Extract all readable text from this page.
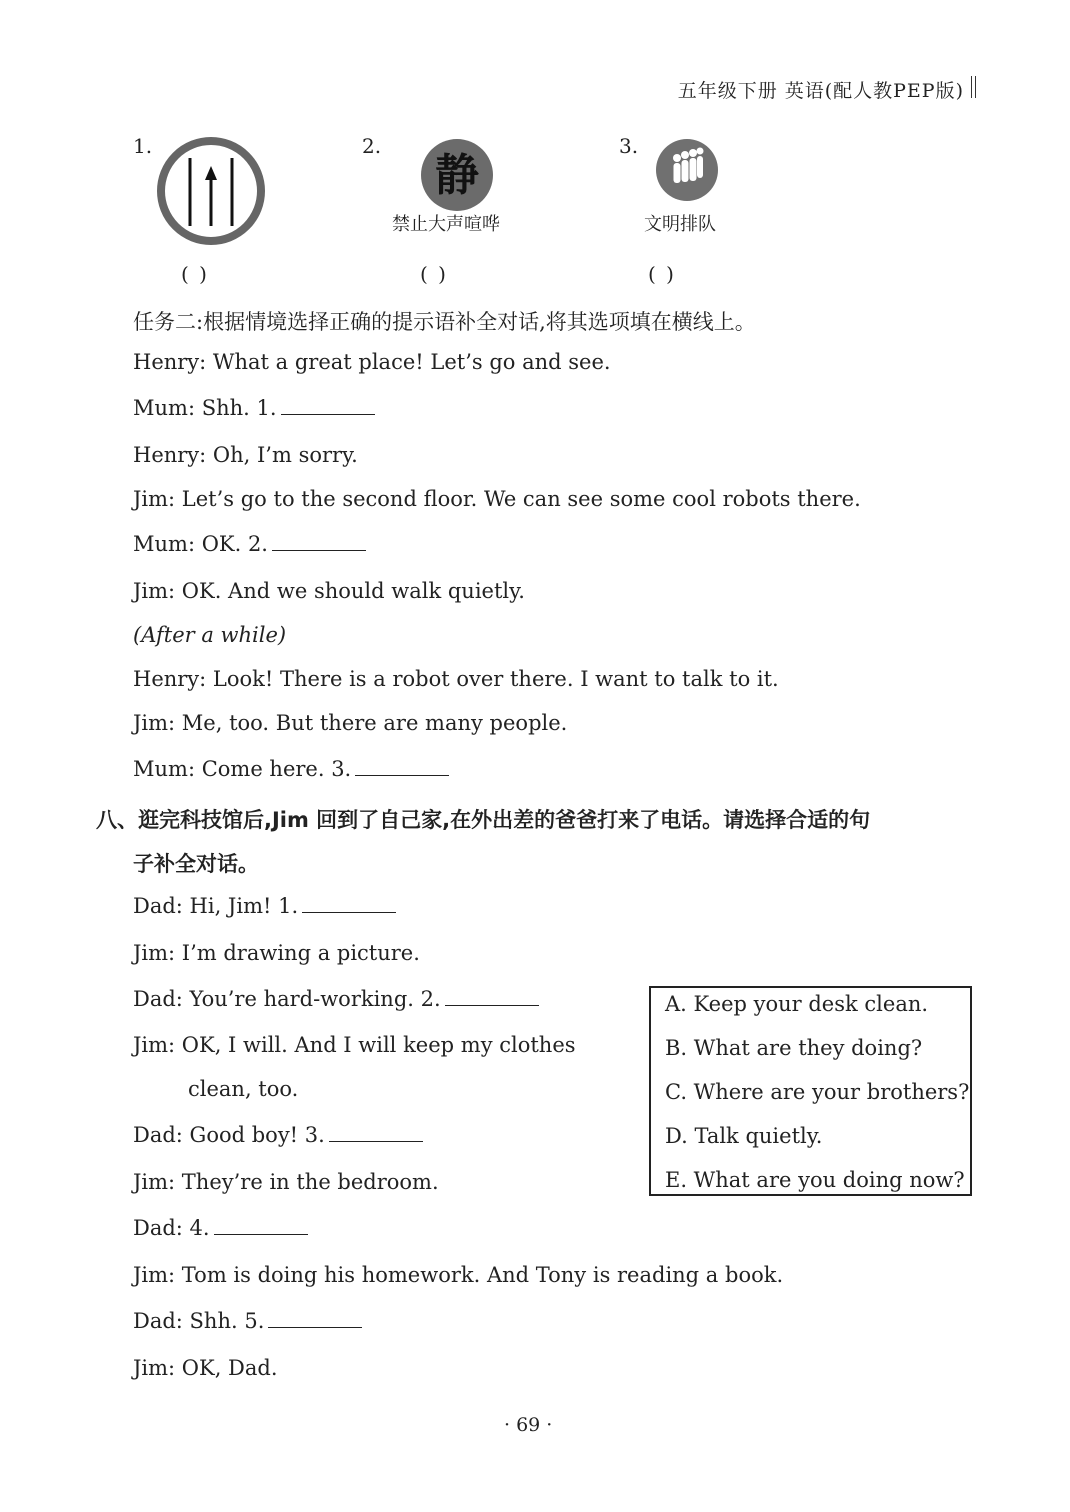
五年级下册 英语(配人教PEP版)
1.
( )
2.
静
禁止大声喧哗
( )
3.
文明排队
( )
任务二:根据情境选择正确的提示语补全对话,将其选项填在横线上。
Henry: What a great place! Let’s go and see.
Mum: Shh. 1.
Henry: Oh, I’m sorry.
Jim: Let’s go to the second floor. We can see some cool robots there.
Mum: OK. 2.
Jim: OK. And we should walk quietly.
(After a while)
Henry: Look! There is a robot over there. I want to talk to it.
Jim: Me, too. But there are many people.
Mum: Come here. 3.
八、逛完科技馆后,Jim 回到了自己家,在外出差的爸爸打来了电话。请选择合适的句
子补全对话。
Dad: Hi, Jim! 1.
Jim: I’m drawing a picture.
Dad: You’re hard-working. 2.
Jim: OK, I will. And I will keep my clothes
clean, too.
Dad: Good boy! 3.
Jim: They’re in the bedroom.
Dad: 4.
Jim: Tom is doing his homework. And Tony is reading a book.
Dad: Shh. 5.
Jim: OK, Dad.
A. Keep your desk clean.
B. What are they doing?
C. Where are your brothers?
D. Talk quietly.
E. What are you doing now?
· 69 ·
